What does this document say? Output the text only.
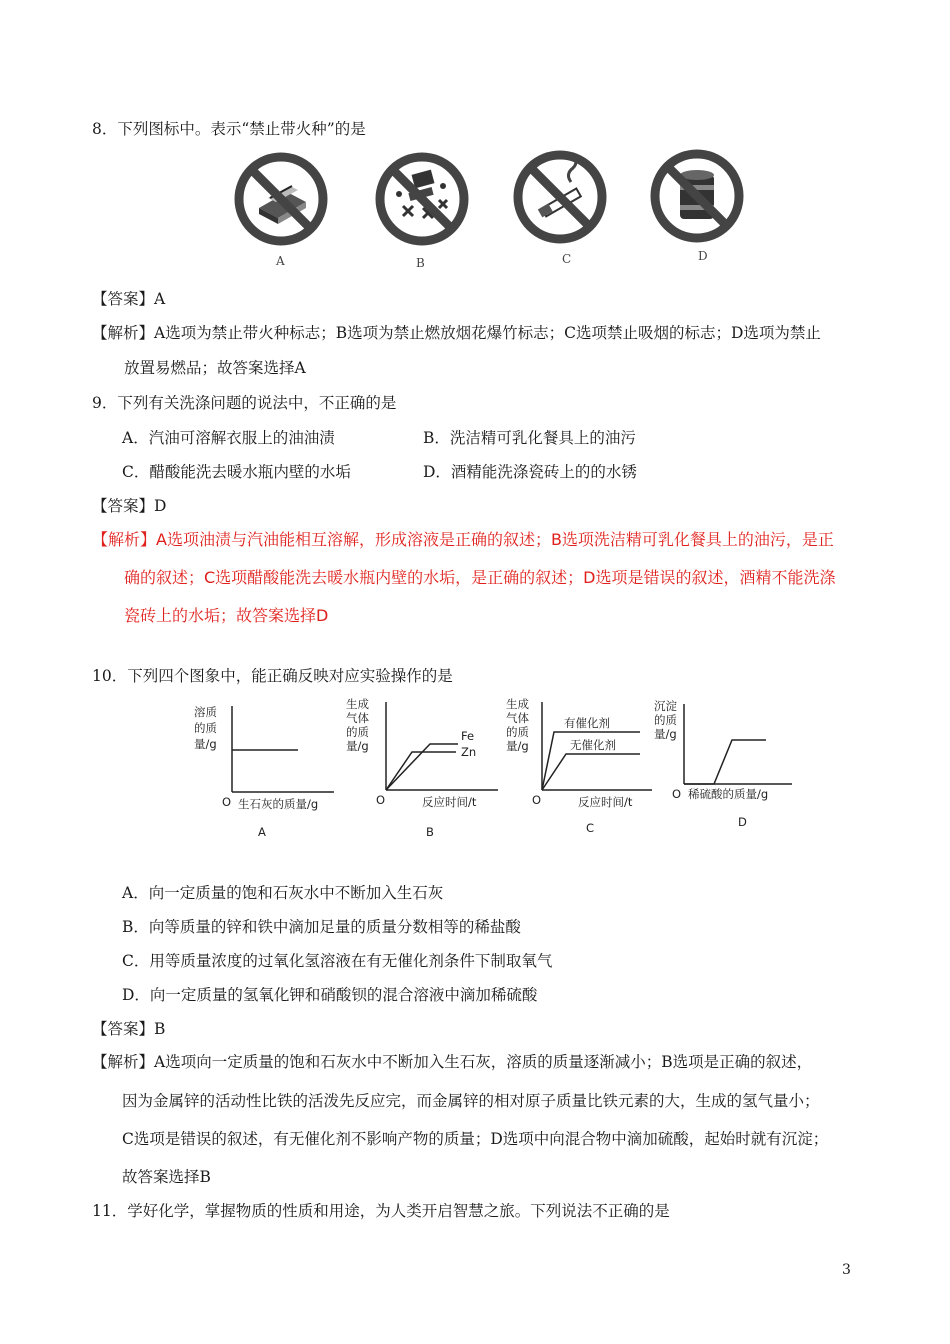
8．下列图标中。表示“禁止带火种”的是
A	B	C	D
【答案】A
【解析】A选项为禁止带火种标志；B选项为禁止燃放烟花爆竹标志；C选项禁止吸烟的标志；D选项为禁止
放置易燃品；故答案选择A
9．下列有关洗涤问题的说法中，不正确的是
A．汽油可溶解衣服上的油油渍	B．洗洁精可乳化餐具上的油污
C．醋酸能洗去暖水瓶内壁的水垢	D．酒精能洗涤瓷砖上的的水锈
【答案】D
【解析】A选项油渍与汽油能相互溶解，形成溶液是正确的叙述；B选项洗洁精可乳化餐具上的油污，是正
确的叙述；C选项醋酸能洗去暖水瓶内壁的水垢，是正确的叙述；D选项是错误的叙述，酒精不能洗涤
瓷砖上的水垢；故答案选择D
10．下列四个图象中，能正确反映对应实验操作的是
溶质
的质
量/g
O 生石灰的质量/g
A
生成
气体
的质
量/g
Fe
Zn
O	反应时间/t
B
生成
气体
的质
量/g
有催化剂
无催化剂
O	反应时间/t
C
沉淀
的质
量/g
O 稀硫酸的质量/g
D
A．向一定质量的饱和石灰水中不断加入生石灰
B．向等质量的锌和铁中滴加足量的质量分数相等的稀盐酸
C．用等质量浓度的过氧化氢溶液在有无催化剂条件下制取氧气
D．向一定质量的氢氧化钾和硝酸钡的混合溶液中滴加稀硫酸
【答案】B
【解析】A选项向一定质量的饱和石灰水中不断加入生石灰，溶质的质量逐渐减小；B选项是正确的叙述，
因为金属锌的活动性比铁的活泼先反应完，而金属锌的相对原子质量比铁元素的大，生成的氢气量小；
C选项是错误的叙述，有无催化剂不影响产物的质量；D选项中向混合物中滴加硫酸，起始时就有沉淀；
故答案选择B
11．学好化学，掌握物质的性质和用途，为人类开启智慧之旅。下列说法不正确的是
3
